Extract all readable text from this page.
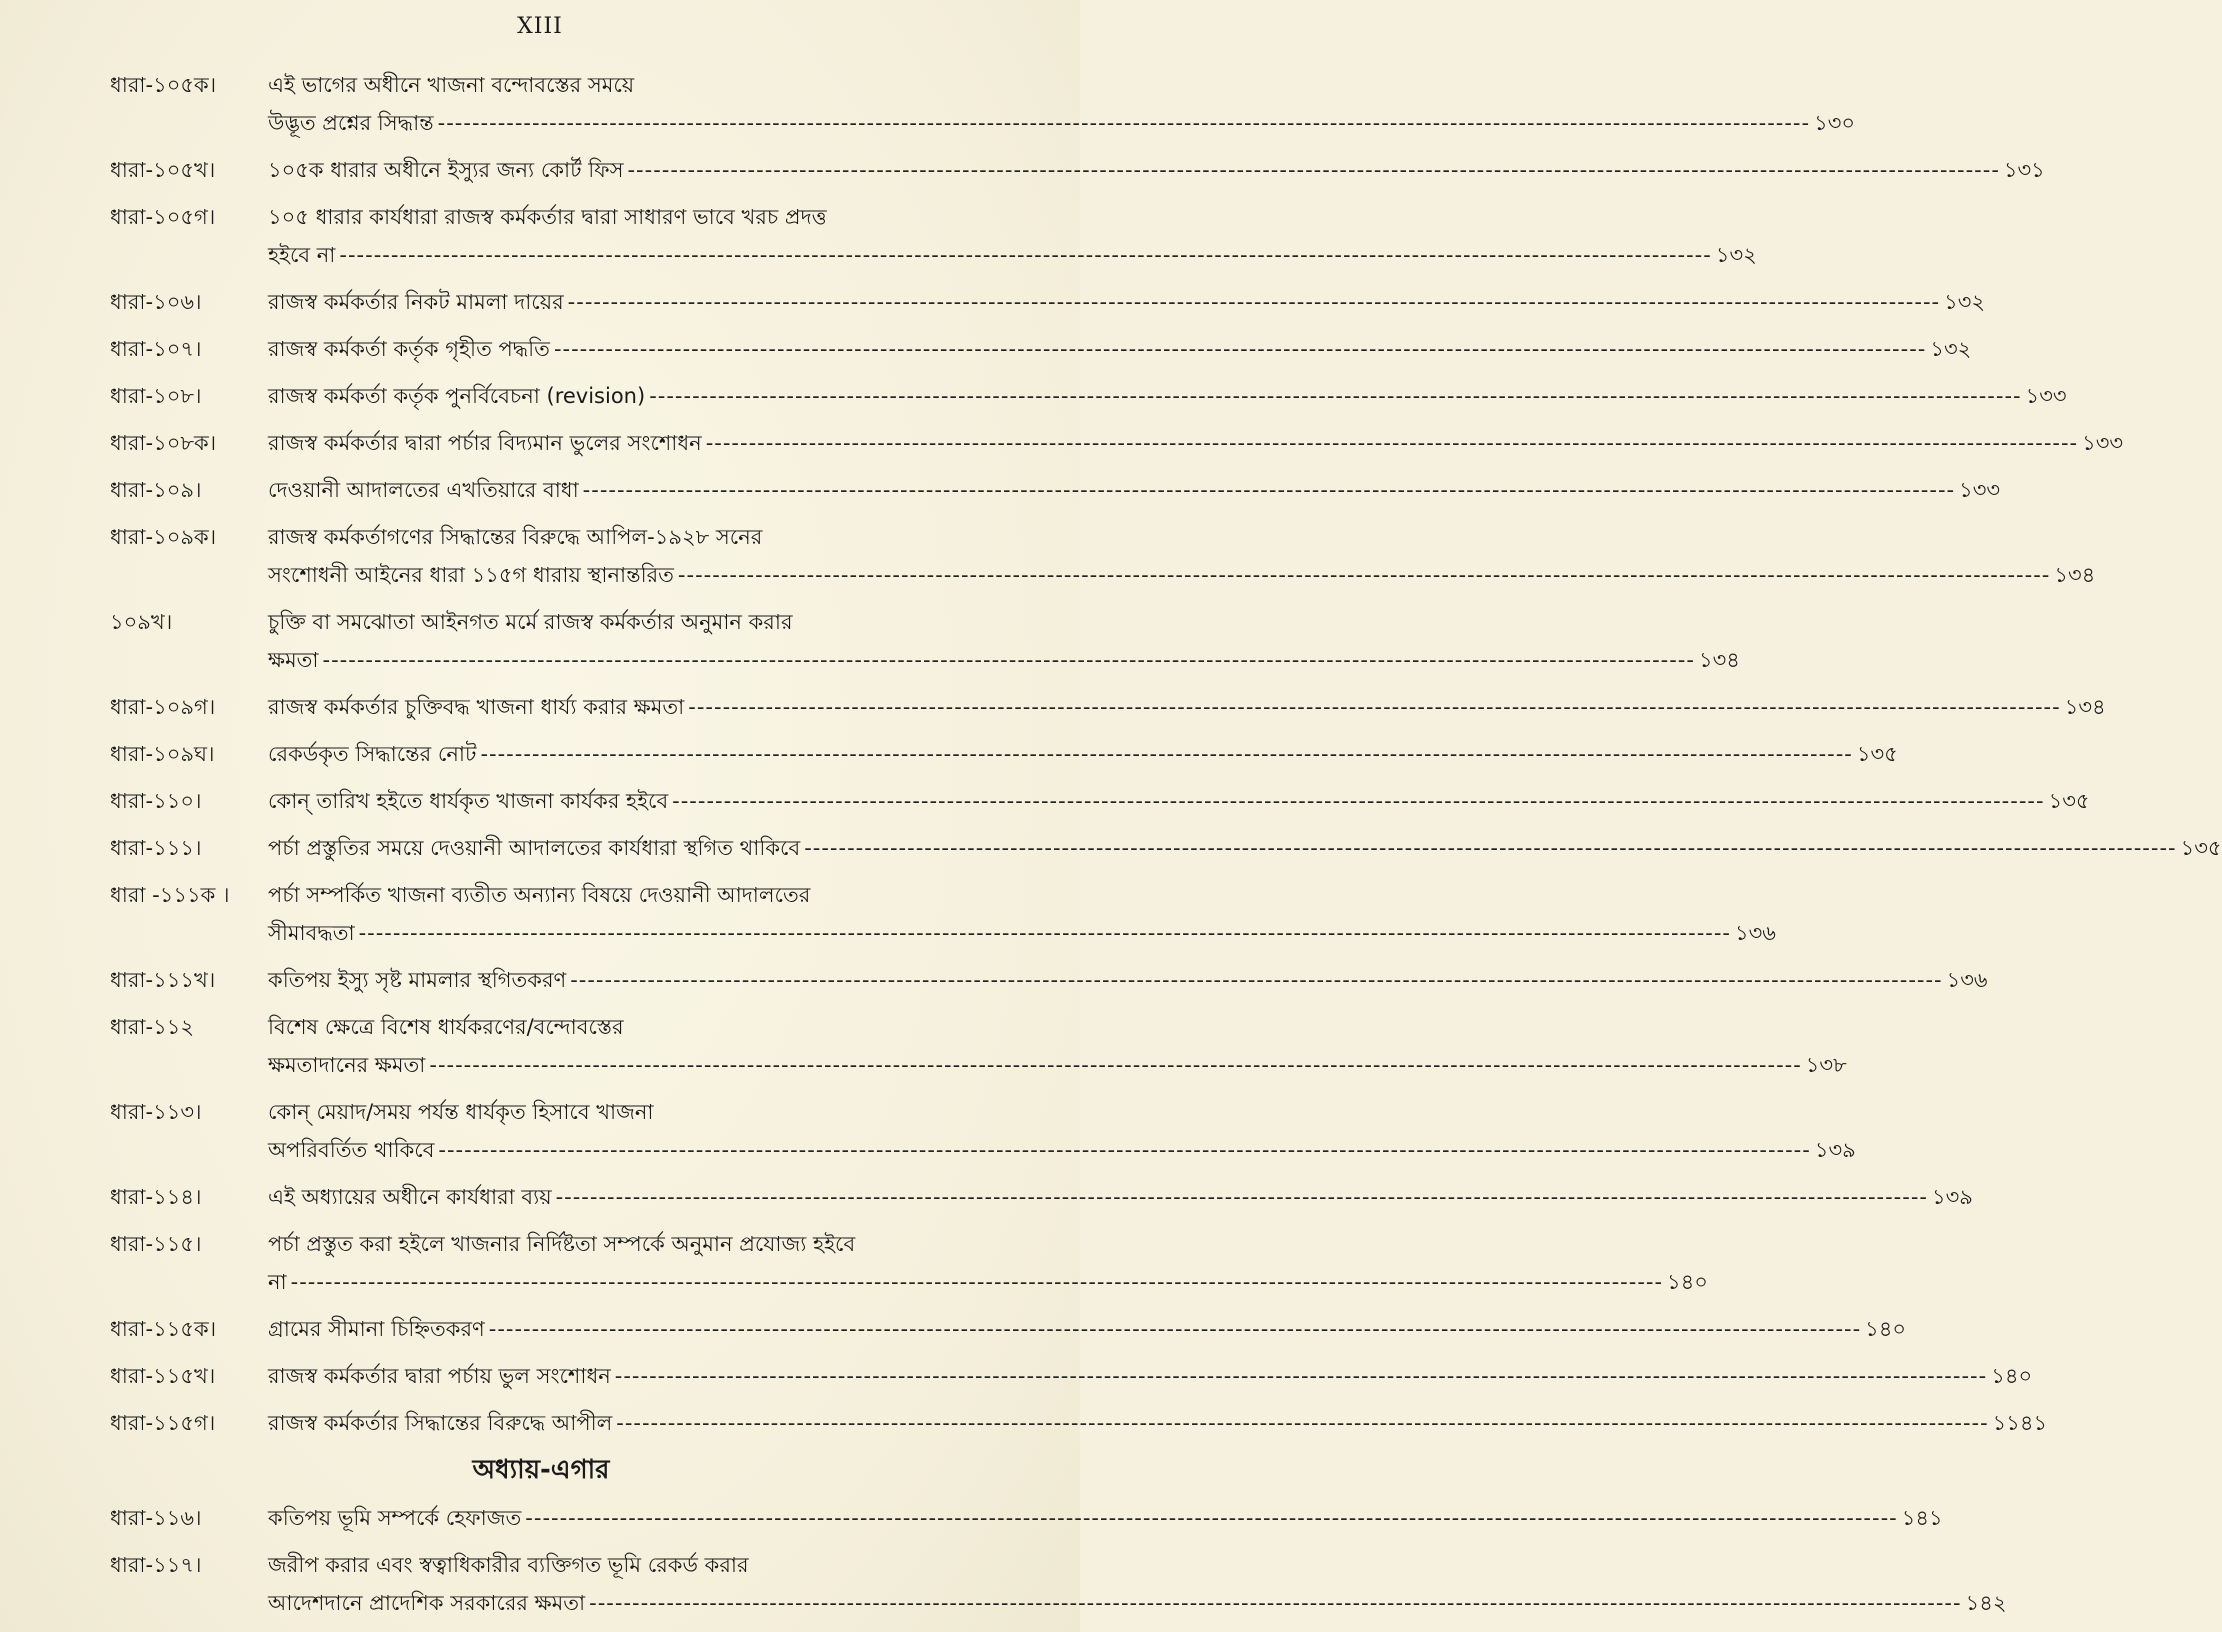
XIII
ধারা-১০৫ক।	এই ভাগের অধীনে খাজনা বন্দোবস্তের সময়ে
উদ্ভূত প্রশ্নের সিদ্ধান্ত -----	১৩০
ধারা-১০৫খ।	১০৫ক ধারার অধীনে ইস্যুর জন্য কোর্ট ফিস -----	১৩১
ধারা-১০৫গ।	১০৫ ধারার কার্যধারা রাজস্ব কর্মকর্তার দ্বারা সাধারণ ভাবে খরচ প্রদত্ত
হইবে না -----	১৩২
ধারা-১০৬।	রাজস্ব কর্মকর্তার নিকট মামলা দায়ের -----	১৩২
ধারা-১০৭।	রাজস্ব কর্মকর্তা কর্তৃক গৃহীত পদ্ধতি -----	১৩২
ধারা-১০৮।	রাজস্ব কর্মকর্তা কর্তৃক পুনর্বিবেচনা (revision) -----	১৩৩
ধারা-১০৮ক।	রাজস্ব কর্মকর্তার দ্বারা পর্চার বিদ্যমান ভুলের সংশোধন -----	১৩৩
ধারা-১০৯।	দেওয়ানী আদালতের এখতিয়ারে বাধা -----	১৩৩
ধারা-১০৯ক।	রাজস্ব কর্মকর্তাগণের সিদ্ধান্তের বিরুদ্ধে আপিল-১৯২৮ সনের
সংশোধনী আইনের ধারা ১১৫গ ধারায় স্থানান্তরিত -----	১৩৪
১০৯খ।	চুক্তি বা সমঝোতা আইনগত মর্মে রাজস্ব কর্মকর্তার অনুমান করার
ক্ষমতা -----	১৩৪
ধারা-১০৯গ।	রাজস্ব কর্মকর্তার চুক্তিবদ্ধ খাজনা ধার্য্য করার ক্ষমতা -----	১৩৪
ধারা-১০৯ঘ।	রেকর্ডকৃত সিদ্ধান্তের নোট -----	১৩৫
ধারা-১১০।	কোন্ তারিখ হইতে ধার্যকৃত খাজনা কার্যকর হইবে -----	১৩৫
ধারা-১১১।	পর্চা প্রস্তুতির সময়ে দেওয়ানী আদালতের কার্যধারা স্থগিত থাকিবে -----	১৩৫
ধারা -১১১ক ।	পর্চা সম্পর্কিত খাজনা ব্যতীত অন্যান্য বিষয়ে দেওয়ানী আদালতের
সীমাবদ্ধতা -----	১৩৬
ধারা-১১১খ।	কতিপয় ইস্যু সৃষ্ট মামলার স্থগিতকরণ -----	১৩৬
ধারা-১১২	বিশেষ ক্ষেত্রে বিশেষ ধার্যকরণের/বন্দোবস্তের
ক্ষমতাদানের ক্ষমতা -----	১৩৮
ধারা-১১৩।	কোন্ মেয়াদ/সময় পর্যন্ত ধার্যকৃত হিসাবে খাজনা
অপরিবর্তিত থাকিবে -----	১৩৯
ধারা-১১৪।	এই অধ্যায়ের অধীনে কার্যধারা ব্যয় -----	১৩৯
ধারা-১১৫।	পর্চা প্রস্তুত করা হইলে খাজনার নির্দিষ্টতা সম্পর্কে অনুমান প্রযোজ্য হইবে
না -----	১৪০
ধারা-১১৫ক।	গ্রামের সীমানা চিহ্নিতকরণ -----	১৪০
ধারা-১১৫খ।	রাজস্ব কর্মকর্তার দ্বারা পর্চায় ভুল সংশোধন -----	১৪০
ধারা-১১৫গ।	রাজস্ব কর্মকর্তার সিদ্ধান্তের বিরুদ্ধে আপীল -----	১১৪১
অধ্যায়-এগার
ধারা-১১৬।	কতিপয় ভূমি সম্পর্কে হেফাজত -----	১৪১
ধারা-১১৭।	জরীপ করার এবং স্বত্বাধিকারীর ব্যক্তিগত ভূমি রেকর্ড করার
আদেশদানে প্রাদেশিক সরকারের ক্ষমতা -----	১৪২
